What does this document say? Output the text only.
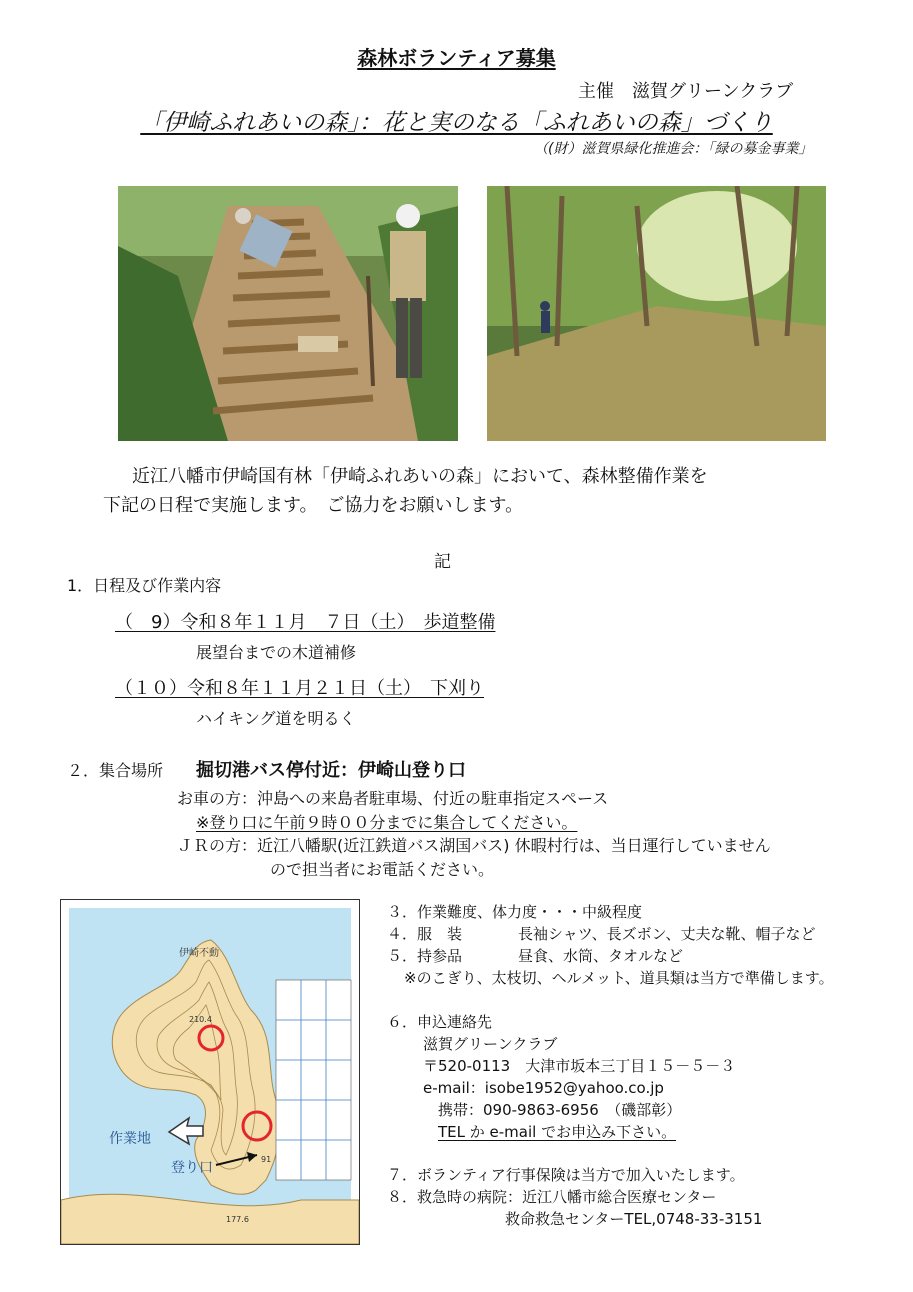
森林ボランティア募集
主催　滋賀グリーンクラブ
「伊崎ふれあいの森」：花と実のなる「ふれあいの森」づくり
（(財）滋賀県緑化推進会：「緑の募金事業」
近江八幡市伊崎国有林「伊崎ふれあいの森」において、森林整備作業を
下記の日程で実施します。　ご協力をお願いします。
記
1．日程及び作業内容
（　9）令和８年１１月　７日（土）　歩道整備
展望台までの木道補修
（１０）令和８年１１月２１日（土）　下刈り
ハイキング道を明るく
２．集合場所 掘切港バス停付近：伊崎山登り口
お車の方：沖島への来島者駐車場、付近の駐車指定スペース
※登り口に午前９時００分までに集合してください。
ＪＲの方：近江八幡駅(近江鉄道バス湖国バス) 休暇村行は、当日運行していません
ので担当者にお電話ください。
伊崎不動
210.4
177.6
作業地
登り口
91
３．作業難度、体力度・・・中級程度
４．服　装	長袖シャツ、長ズボン、丈夫な靴、帽子など
５．持参品	昼食、水筒、タオルなど
※のこぎり、太枝切、ヘルメット、道具類は当方で準備します。
６．申込連絡先
滋賀グリーンクラブ
〒520-0113　大津市坂本三丁目１５－５－３
e-mail：isobe1952@yahoo.co.jp
携帯：090-9863-6956　（磯部彰）
TEL か e-mail でお申込み下さい。
７．ボランティア行事保険は当方で加入いたします。
８．救急時の病院：近江八幡市総合医療センター
救命救急センターTEL,0748-33-3151
